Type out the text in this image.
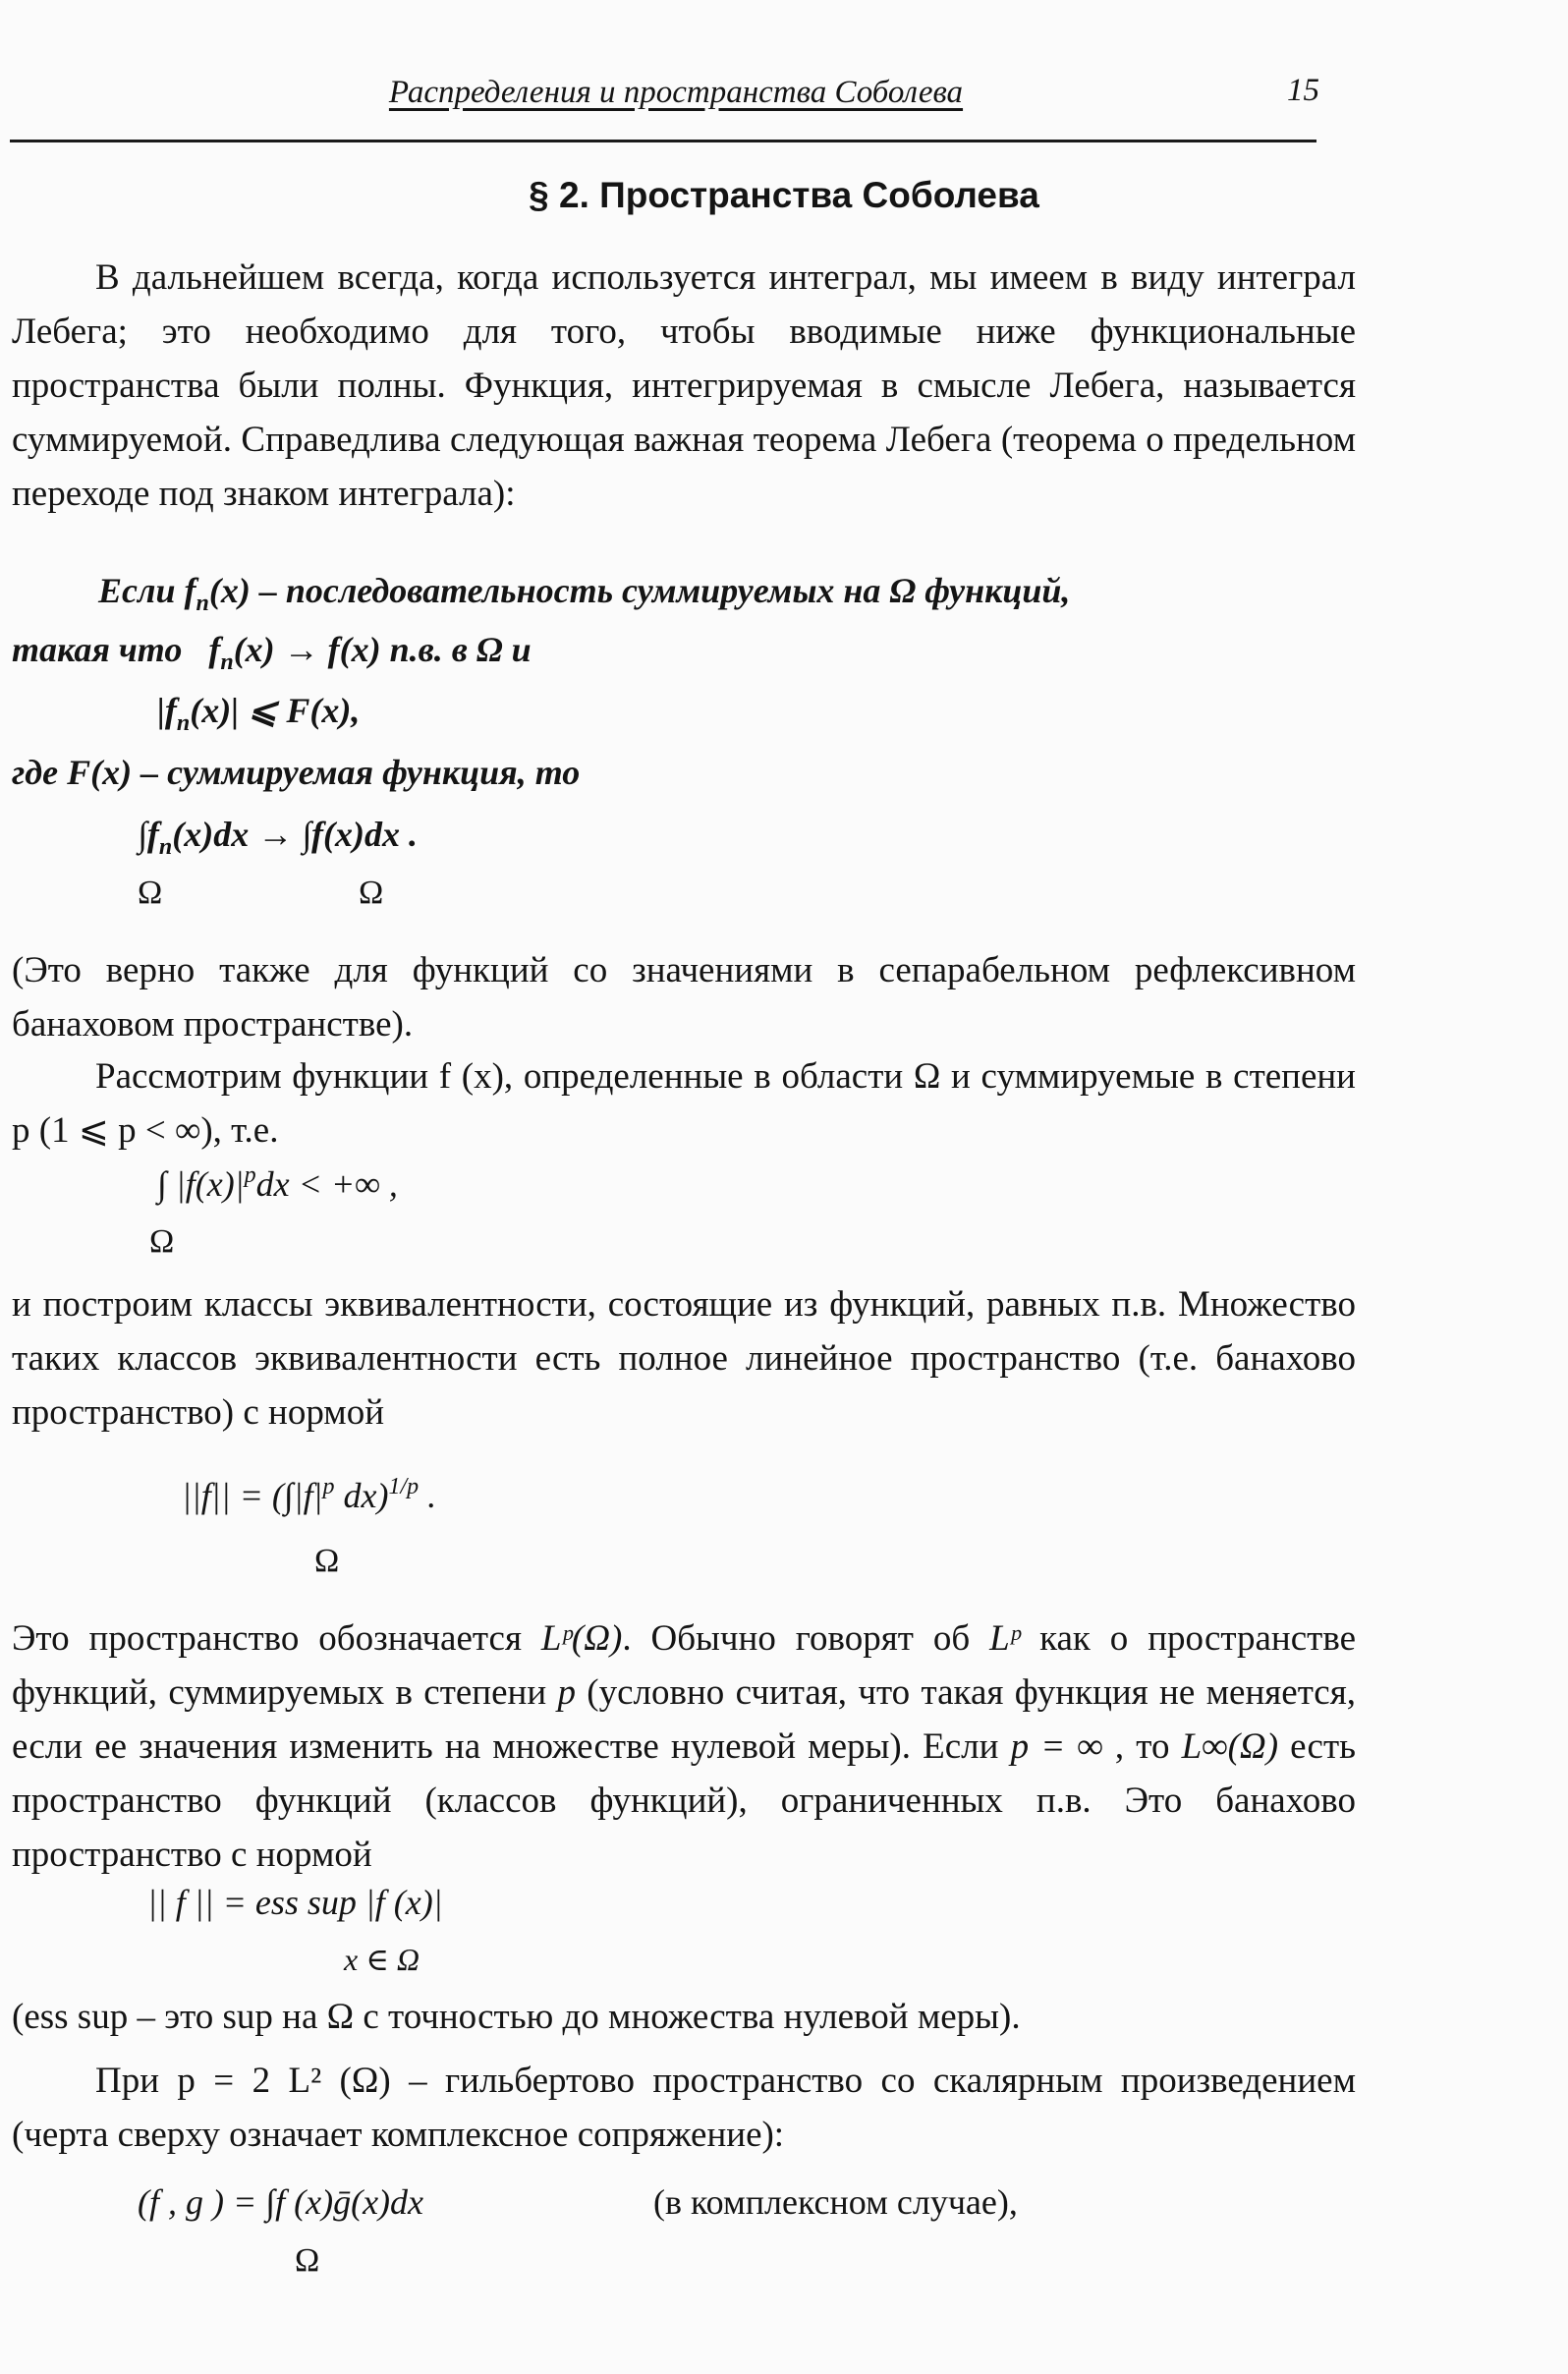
Распределения и пространства Соболева	15
§ 2. Пространства Соболева
В дальнейшем всегда, когда используется интеграл, мы имеем в виду интеграл Лебега; это необходимо для того, чтобы вводимые ниже функциональные пространства были полны. Функция, интегрируемая в смысле Лебега, называется суммируемой. Справедлива следующая важная теорема Лебега (теорема о предельном переходе под знаком интеграла):
Если $f_n(x)$ – последовательность суммируемых на Ω функций,
такая что $f_n(x) \to f(x)$ п.в. в Ω и
$|f_n(x)|$ ⩽ F(x),
где F(x) – суммируемая функция, то
$\int f_n(x)dx \to \int f(x)dx$ .
Ω	Ω
(Это верно также для функций со значениями в сепарабельном рефлексивном банаховом пространстве).
Рассмотрим функции f (x), определенные в области Ω и суммируемые в степени p (1 ⩽ p < ∞), т.е.
∫ $|f(x)|^pdx$ < +∞ ,
Ω
и построим классы эквивалентности, состоящие из функций, равных п.в. Множество таких классов эквивалентности есть полное линейное пространство (т.е. банахово пространство) с нормой
$||f|| = (\int|f|^p$ dx)$^{1/p}$ .
Ω
Это пространство обозначается Lᵖ(Ω). Обычно говорят об Lᵖ как о пространстве функций, суммируемых в степени p (условно считая, что такая функция не меняется, если ее значения изменить на множестве нулевой меры). Если p = ∞ , то L∞(Ω) есть пространство функций (классов функций), ограниченных п.в. Это банахово пространство с нормой
|| f || = ess sup |f (x)|
x ∈ Ω
(ess sup – это sup на Ω с точностью до множества нулевой меры).
При p = 2 L² (Ω) – гильбертово пространство со скалярным произведением (черта сверху означает комплексное сопряжение):
(f , g ) = ∫f (x)ḡ(x)dx	(в комплексном случае),
Ω
